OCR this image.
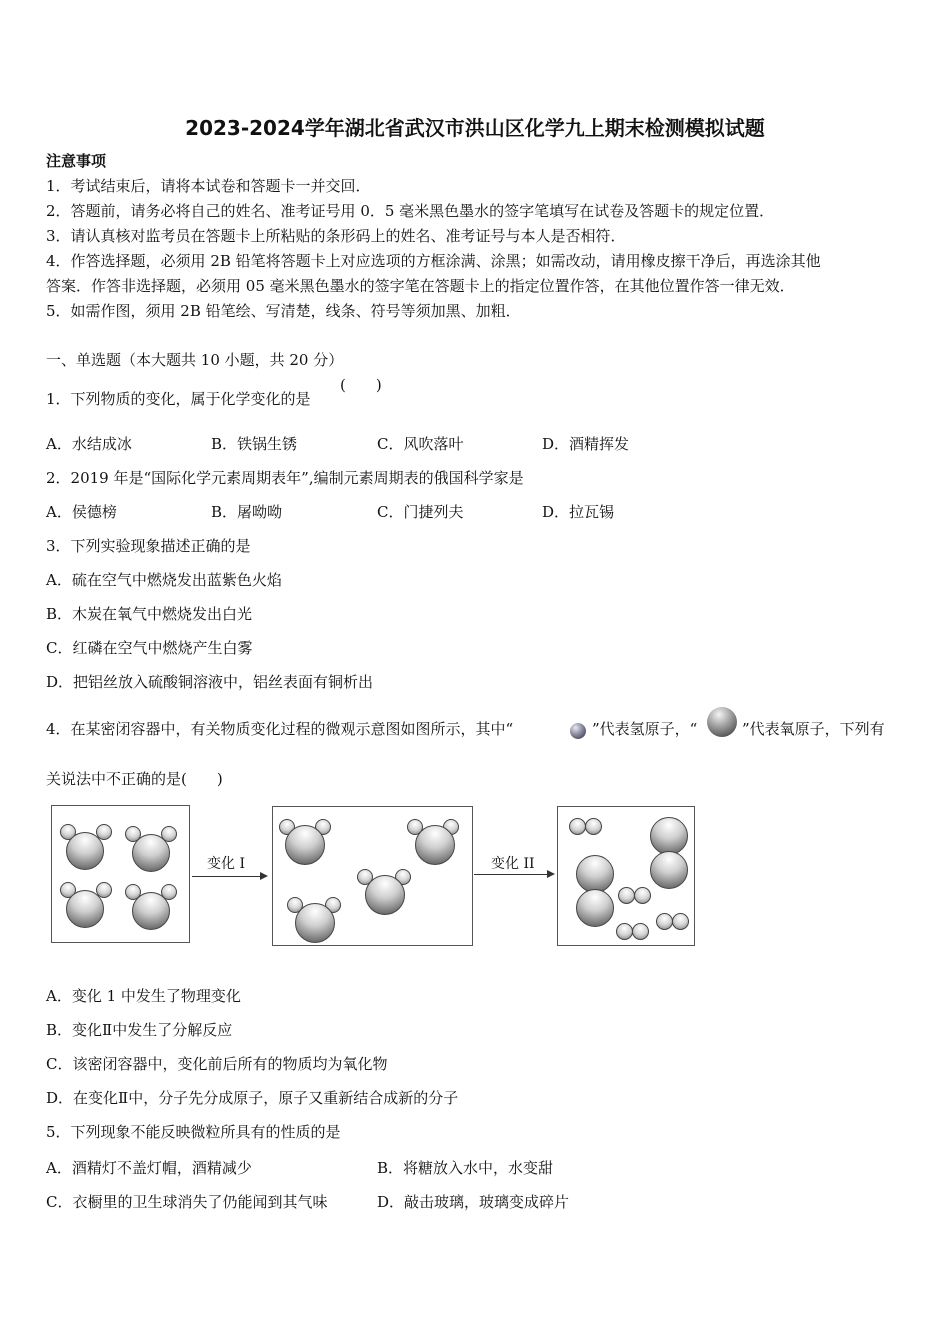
2023-2024学年湖北省武汉市洪山区化学九上期末检测模拟试题
注意事项
1．考试结束后，请将本试卷和答题卡一并交回．
2．答题前，请务必将自己的姓名、准考证号用 0．5 毫米黑色墨水的签字笔填写在试卷及答题卡的规定位置．
3．请认真核对监考员在答题卡上所粘贴的条形码上的姓名、准考证号与本人是否相符．
4．作答选择题，必须用 2B 铅笔将答题卡上对应选项的方框涂满、涂黑；如需改动，请用橡皮擦干净后，再选涂其他
答案．作答非选择题，必须用 05 毫米黑色墨水的签字笔在答题卡上的指定位置作答，在其他位置作答一律无效．
5．如需作图，须用 2B 铅笔绘、写清楚，线条、符号等须加黑、加粗．
一、单选题（本大题共 10 小题，共 20 分）
1．下列物质的变化，属于化学变化的是
(　　)
A．水结成冰	B．铁锅生锈	C．风吹落叶	D．酒精挥发
2．2019 年是“国际化学元素周期表年”,编制元素周期表的俄国科学家是
A．侯德榜	B．屠呦呦	C．门捷列夫	D．拉瓦锡
3．下列实验现象描述正确的是
A．硫在空气中燃烧发出蓝紫色火焰
B．木炭在氧气中燃烧发出白光
C．红磷在空气中燃烧产生白雾
D．把铝丝放入硫酸铜溶液中，铝丝表面有铜析出
4．在某密闭容器中，有关物质变化过程的微观示意图如图所示，其中“	”代表氢原子，“	”代表氧原子，下列有
关说法中不正确的是(　　)
变化 I	变化 II
A．变化 1 中发生了物理变化
B．变化Ⅱ中发生了分解反应
C．该密闭容器中，变化前后所有的物质均为氧化物
D．在变化Ⅱ中，分子先分成原子，原子又重新结合成新的分子
5．下列现象不能反映微粒所具有的性质的是
A．酒精灯不盖灯帽，酒精减少	B．将糖放入水中，水变甜
C．衣橱里的卫生球消失了仍能闻到其气味	D．敲击玻璃，玻璃变成碎片
